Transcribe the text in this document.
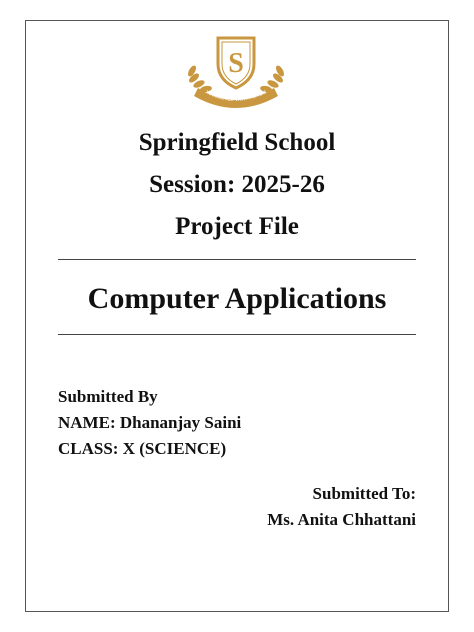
S
XCELLENCE WITH HONOU
Springfield School
Session: 2025-26
Project File
Computer Applications
Submitted By
NAME: Dhananjay Saini
CLASS: X (SCIENCE)
Submitted To:
Ms. Anita Chhattani
